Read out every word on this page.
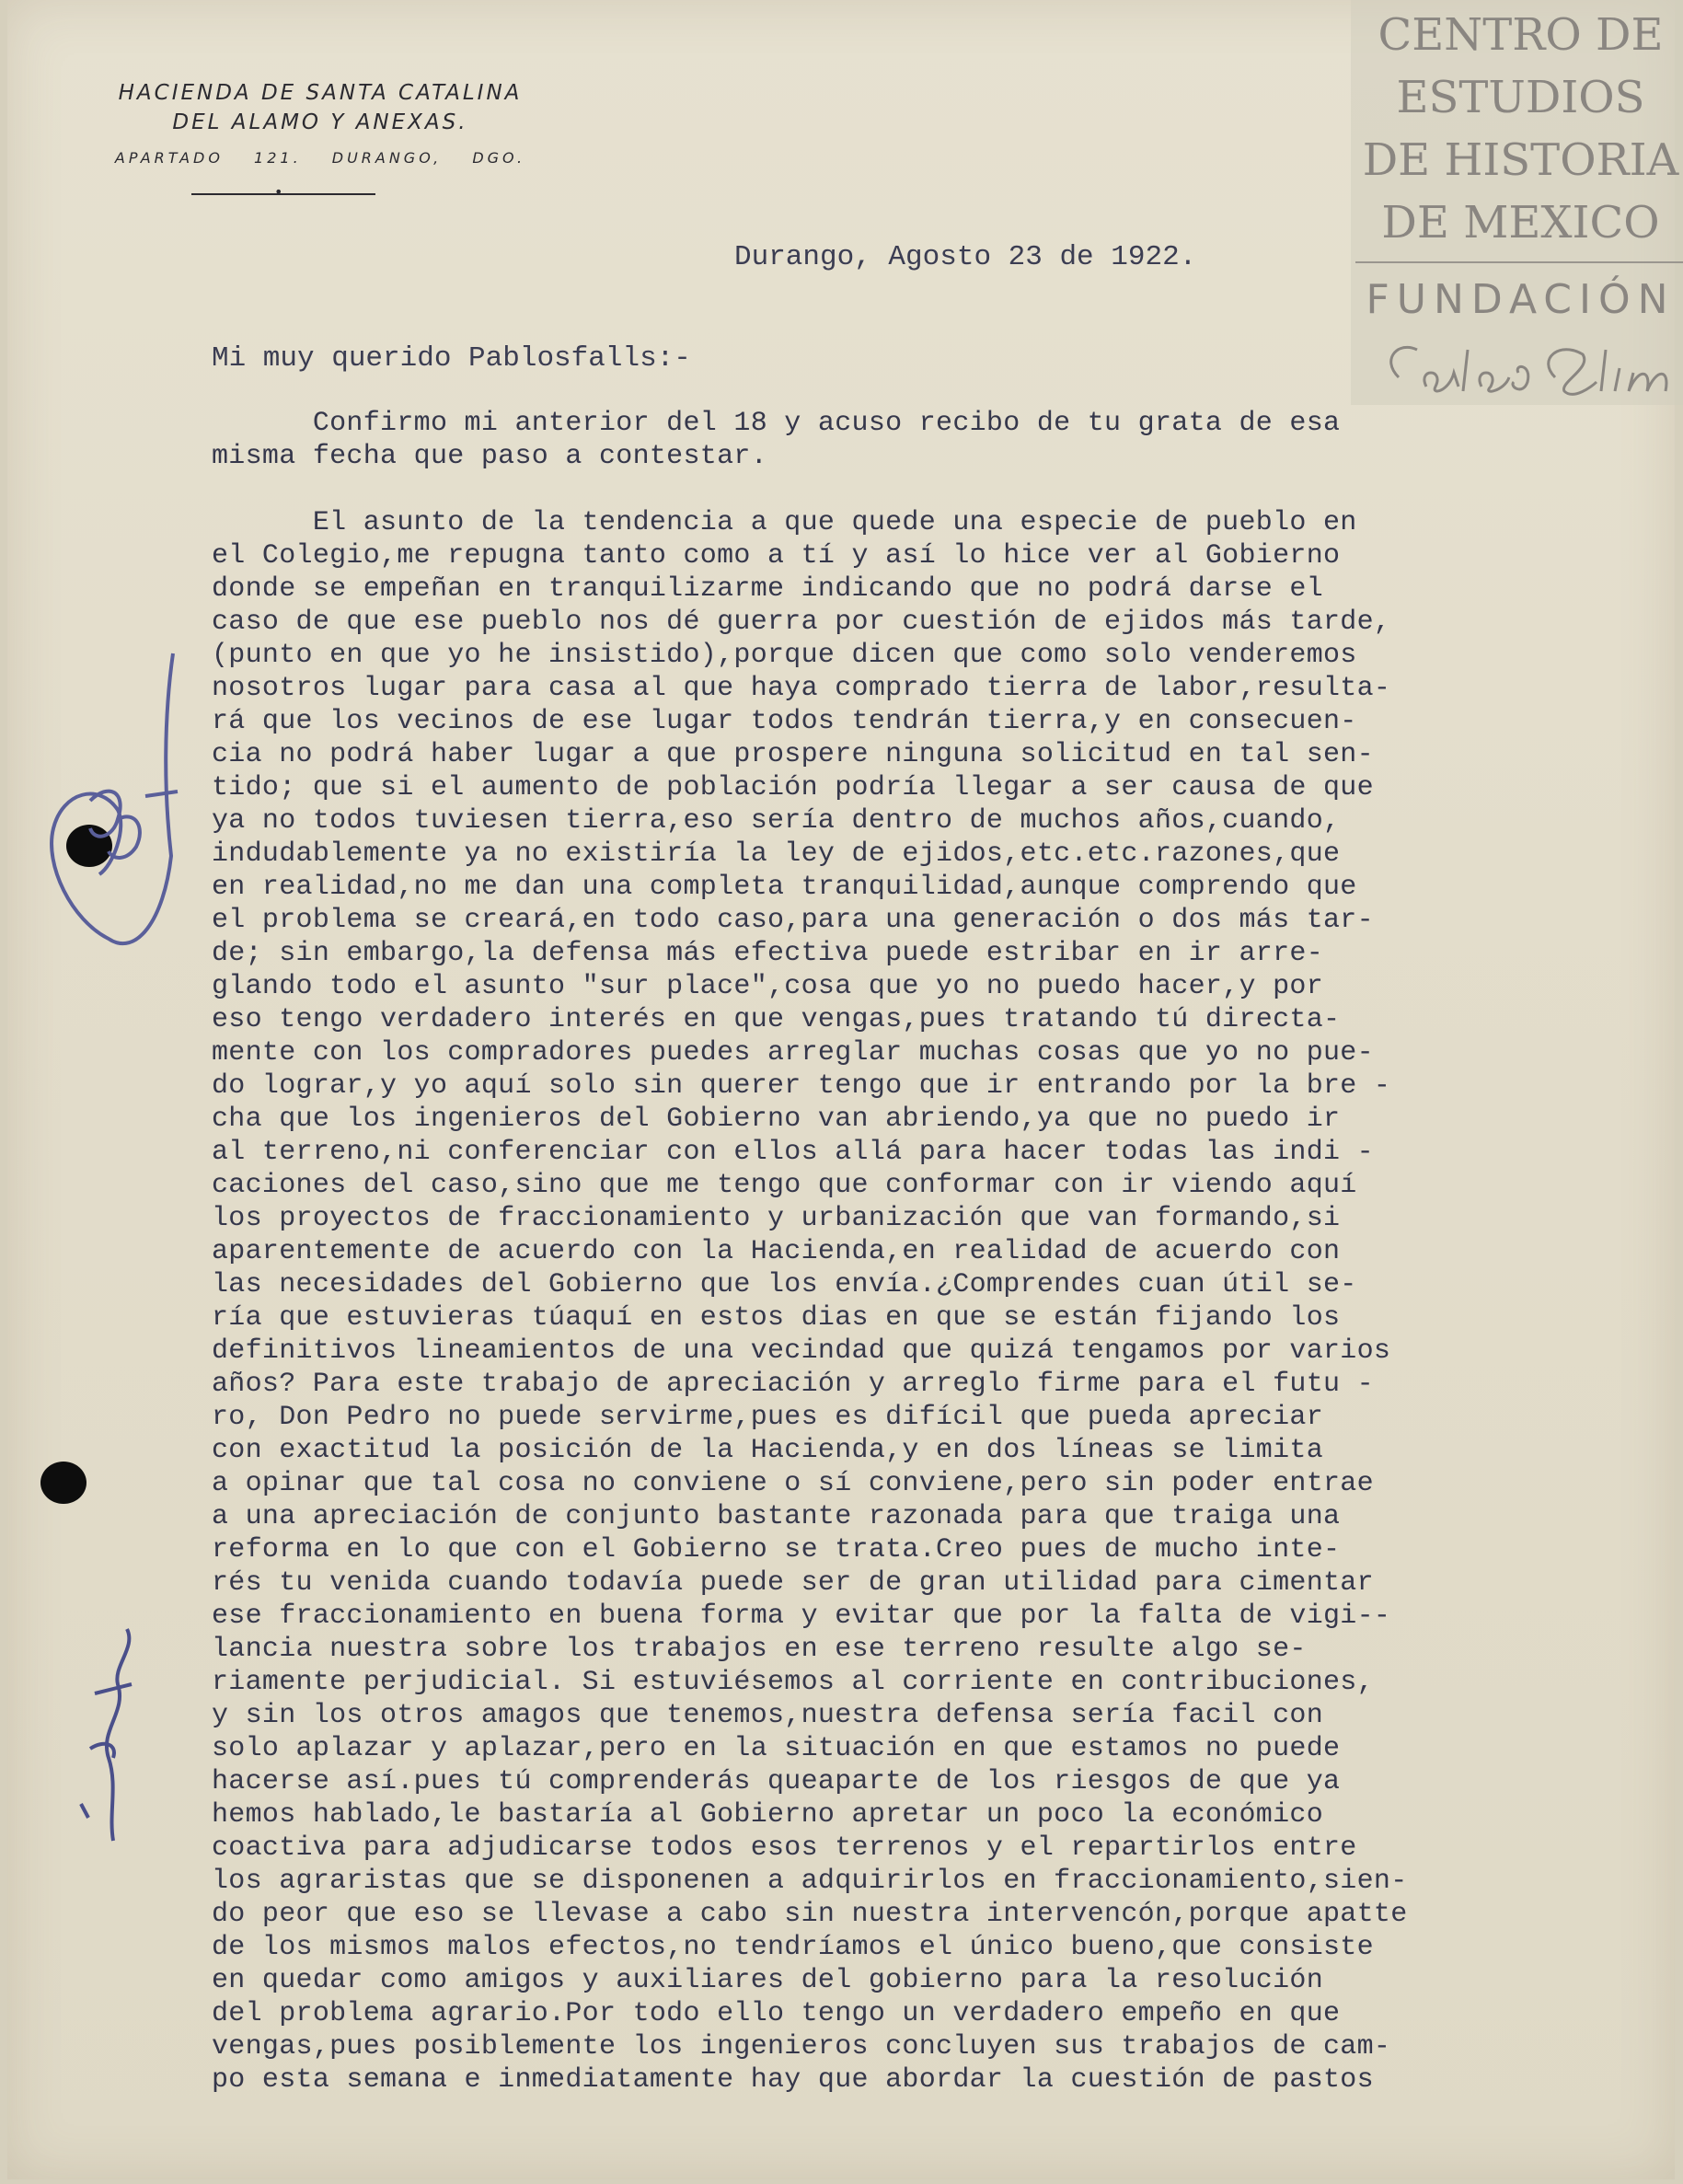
HACIENDA DE SANTA CATALINA
DEL ALAMO Y ANEXAS.
APARTADO 121. DURANGO, DGO.
•
Durango, Agosto 23 de 1922.
Mi muy querido Pablosfalls:-
Confirmo mi anterior del 18 y acuso recibo de tu grata de esa
misma fecha que paso a contestar.
El asunto de la tendencia a que quede una especie de pueblo en
el Colegio,me repugna tanto como a tí y así lo hice ver al Gobierno
donde se empeñan en tranquilizarme indicando que no podrá darse el
caso de que ese pueblo nos dé guerra por cuestión de ejidos más tarde,
(punto en que yo he insistido),porque dicen que como solo venderemos
nosotros lugar para casa al que haya comprado tierra de labor,resulta-
rá que los vecinos de ese lugar todos tendrán tierra,y en consecuen-
cia no podrá haber lugar a que prospere ninguna solicitud en tal sen-
tido; que si el aumento de población podría llegar a ser causa de que
ya no todos tuviesen tierra,eso sería dentro de muchos años,cuando,
indudablemente ya no existiría la ley de ejidos,etc.etc.razones,que
en realidad,no me dan una completa tranquilidad,aunque comprendo que
el problema se creará,en todo caso,para una generación o dos más tar-
de; sin embargo,la defensa más efectiva puede estribar en ir arre-
glando todo el asunto "sur place",cosa que yo no puedo hacer,y por
eso tengo verdadero interés en que vengas,pues tratando tú directa-
mente con los compradores puedes arreglar muchas cosas que yo no pue-
do lograr,y yo aquí solo sin querer tengo que ir entrando por la bre -
cha que los ingenieros del Gobierno van abriendo,ya que no puedo ir
al terreno,ni conferenciar con ellos allá para hacer todas las indi -
caciones del caso,sino que me tengo que conformar con ir viendo aquí
los proyectos de fraccionamiento y urbanización que van formando,si
aparentemente de acuerdo con la Hacienda,en realidad de acuerdo con
las necesidades del Gobierno que los envía.¿Comprendes cuan útil se-
ría que estuvieras túaquí en estos dias en que se están fijando los
definitivos lineamientos de una vecindad que quizá tengamos por varios
años? Para este trabajo de apreciación y arreglo firme para el futu -
ro, Don Pedro no puede servirme,pues es difícil que pueda apreciar
con exactitud la posición de la Hacienda,y en dos líneas se limita
a opinar que tal cosa no conviene o sí conviene,pero sin poder entrae
a una apreciación de conjunto bastante razonada para que traiga una
reforma en lo que con el Gobierno se trata.Creo pues de mucho inte-
rés tu venida cuando todavía puede ser de gran utilidad para cimentar
ese fraccionamiento en buena forma y evitar que por la falta de vigi--
lancia nuestra sobre los trabajos en ese terreno resulte algo se-
riamente perjudicial. Si estuviésemos al corriente en contribuciones,
y sin los otros amagos que tenemos,nuestra defensa sería facil con
solo aplazar y aplazar,pero en la situación en que estamos no puede
hacerse así.pues tú comprenderás queaparte de los riesgos de que ya
hemos hablado,le bastaría al Gobierno apretar un poco la económico
coactiva para adjudicarse todos esos terrenos y el repartirlos entre
los agraristas que se disponenen a adquirirlos en fraccionamiento,sien-
do peor que eso se llevase a cabo sin nuestra intervencón,porque apatte
de los mismos malos efectos,no tendríamos el único bueno,que consiste
en quedar como amigos y auxiliares del gobierno para la resolución
del problema agrario.Por todo ello tengo un verdadero empeño en que
vengas,pues posiblemente los ingenieros concluyen sus trabajos de cam-
po esta semana e inmediatamente hay que abordar la cuestión de pastos
CENTRO DE
ESTUDIOS
DE HISTORIA
DE MEXICO
FUNDACIÓN
